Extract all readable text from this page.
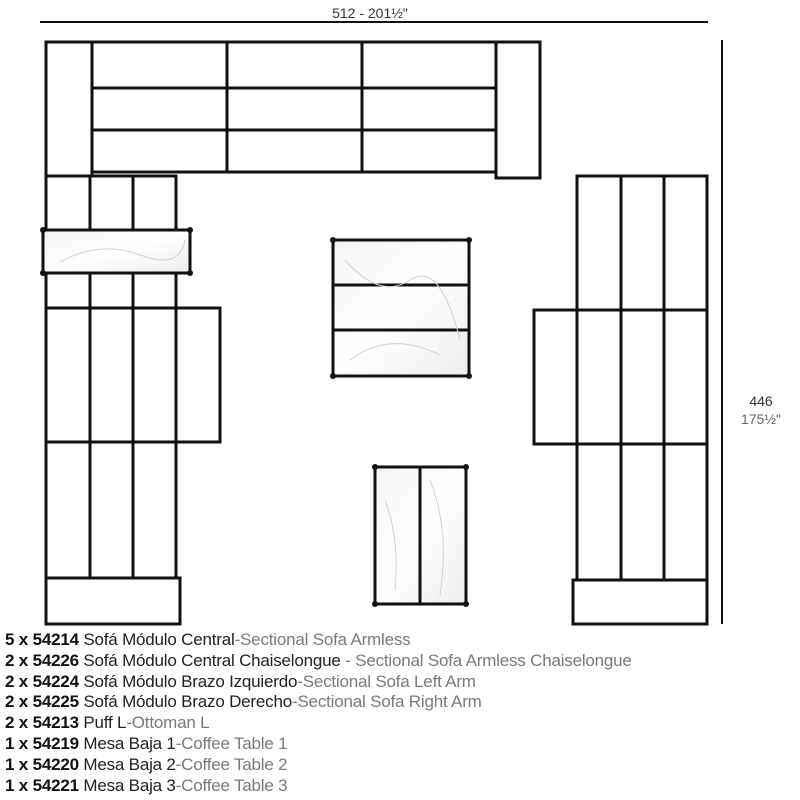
512 - 201½"
446
175½"
5 x 54214 Sofá Módulo Central-Sectional Sofa Armless
2 x 54226 Sofá Módulo Central Chaiselongue - Sectional Sofa Armless Chaiselongue
2 x 54224 Sofá Módulo Brazo Izquierdo-Sectional Sofa Left Arm
2 x 54225 Sofá Módulo Brazo Derecho-Sectional Sofa Right Arm
2 x 54213 Puff L-Ottoman L
1 x 54219 Mesa Baja 1-Coffee Table 1
1 x 54220 Mesa Baja 2-Coffee Table 2
1 x 54221 Mesa Baja 3-Coffee Table 3
